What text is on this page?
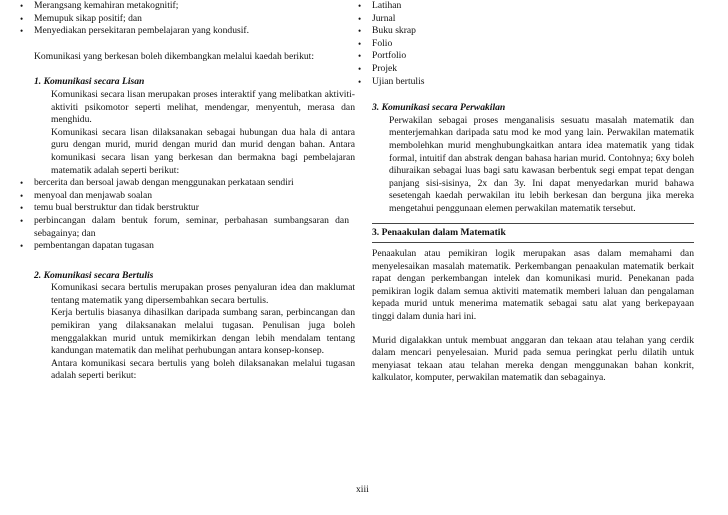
• Merangsang kemahiran metakognitif;
• Memupuk sikap positif; dan
• Menyediakan persekitaran pembelajaran yang kondusif.

Komunikasi yang berkesan boleh dikembangkan melalui kaedah berikut:

1. Komunikasi secara Lisan

Komunikasi secara lisan merupakan proses interaktif yang melibatkan aktiviti-aktiviti psikomotor seperti melihat, mendengar, menyentuh, merasa dan menghidu.

Komunikasi secara lisan dilaksanakan sebagai hubungan dua hala di antara guru dengan murid, murid dengan murid dan murid dengan bahan. Antara komunikasi secara lisan yang berkesan dan bermakna bagi pembelajaran matematik adalah seperti berikut:

• bercerita dan bersoal jawab dengan menggunakan perkataan sendiri
• menyoal dan menjawab soalan
• temu bual berstruktur dan tidak berstruktur
• perbincangan dalam bentuk forum, seminar, perbahasan sumbangsaran dan sebagainya; dan
• pembentangan dapatan tugasan

2. Komunikasi secara Bertulis

Komunikasi secara bertulis merupakan proses penyaluran idea dan maklumat tentang matematik yang dipersembahkan secara bertulis.

Kerja bertulis biasanya dihasilkan daripada sumbang saran, perbincangan dan pemikiran yang dilaksanakan melalui tugasan. Penulisan juga boleh menggalakkan murid untuk memikirkan dengan lebih mendalam tentang kandungan matematik dan melihat perhubungan antara konsep-konsep.

Antara komunikasi secara bertulis yang boleh dilaksanakan melalui tugasan adalah seperti berikut:

• Latihan
• Jurnal
• Buku skrap
• Folio
• Portfolio
• Projek
• Ujian bertulis

3. Komunikasi secara Perwakilan

Perwakilan sebagai proses menganalisis sesuatu masalah matematik dan menterjemahkan daripada satu mod ke mod yang lain. Perwakilan matematik membolehkan murid menghubungkaitkan antara idea matematik yang tidak formal, intuitif dan abstrak dengan bahasa harian murid. Contohnya; 6xy boleh dihuraikan sebagai luas bagi satu kawasan berbentuk segi empat tepat dengan panjang sisi-sisinya, 2x dan 3y. Ini dapat menyedarkan murid bahawa sesetengah kaedah perwakilan itu lebih berkesan dan berguna jika mereka mengetahui penggunaan elemen perwakilan matematik tersebut.

3. Penaakulan dalam Matematik

Penaakulan atau pemikiran logik merupakan asas dalam memahami dan menyelesaikan masalah matematik. Perkembangan penaakulan matematik berkait rapat dengan perkembangan intelek dan komunikasi murid. Penekanan pada pemikiran logik dalam semua aktiviti matematik memberi laluan dan pengalaman kepada murid untuk menerima matematik sebagai satu alat yang berkepayaan tinggi dalam dunia hari ini.

Murid digalakkan untuk membuat anggaran dan tekaan atau telahan yang cerdik dalam mencari penyelesaian. Murid pada semua peringkat perlu dilatih untuk menyiasat tekaan atau telahan mereka dengan menggunakan bahan konkrit, kalkulator, komputer, perwakilan matematik dan sebagainya.

xiii
